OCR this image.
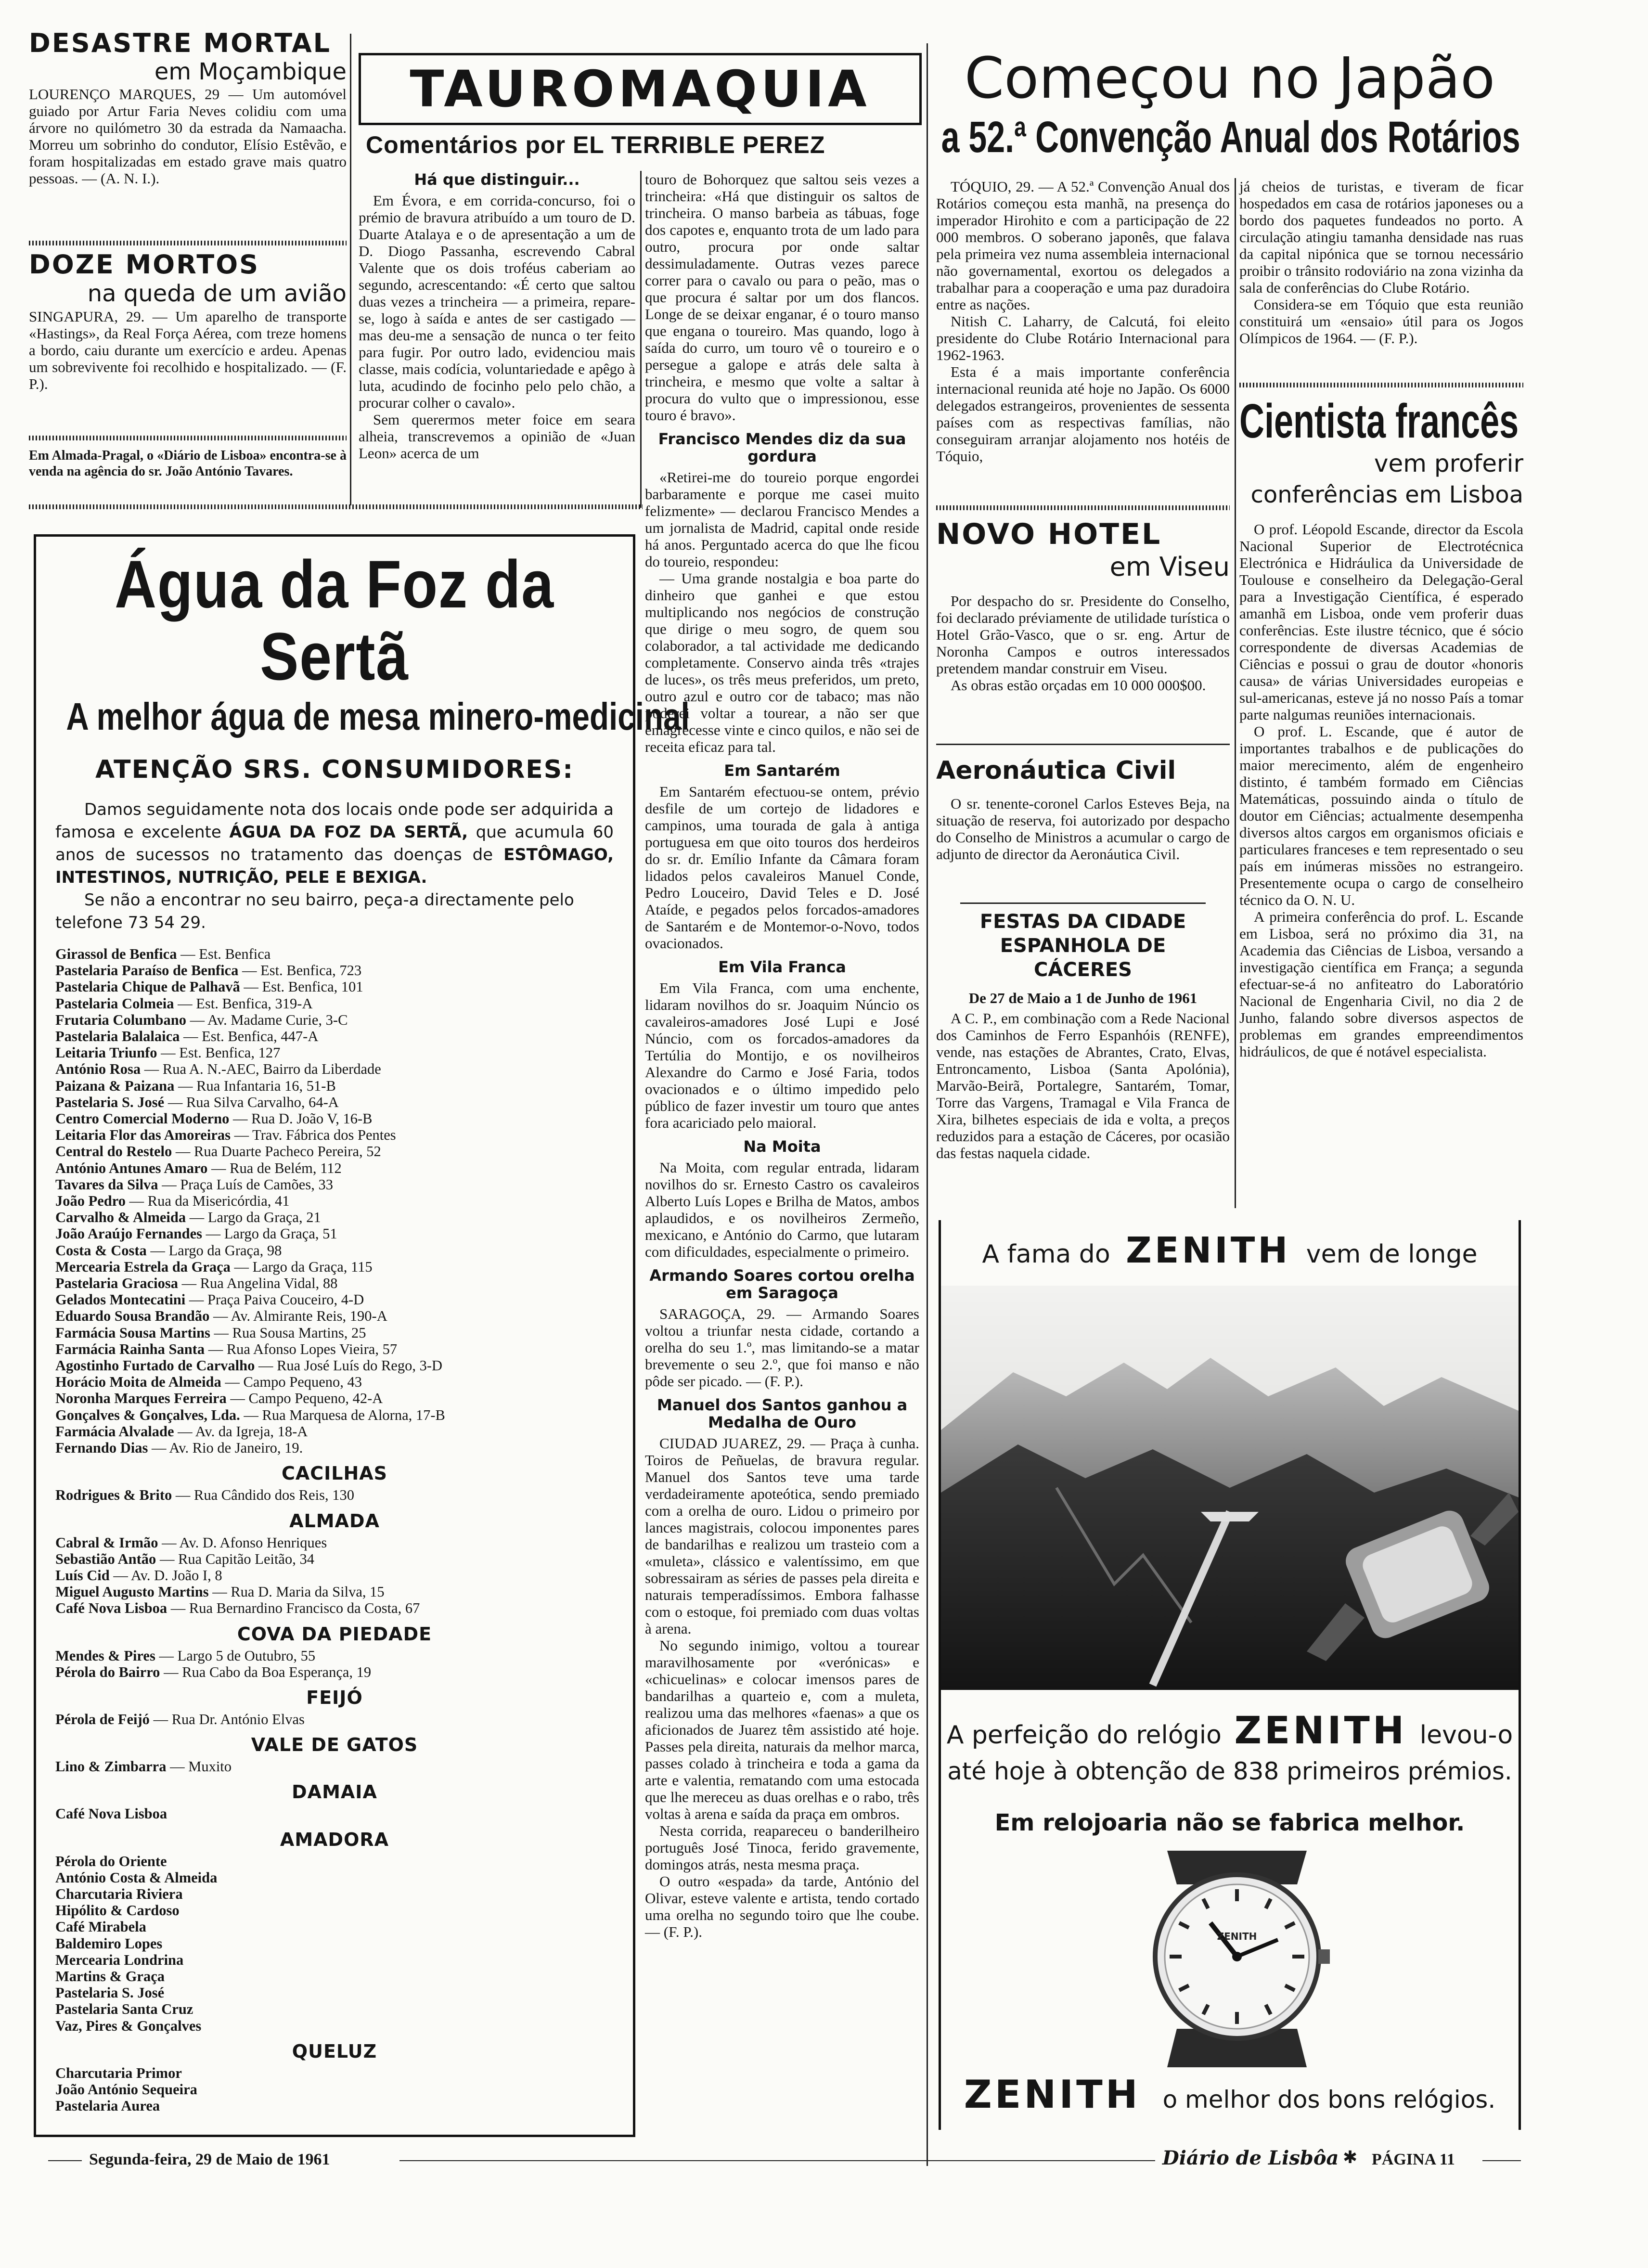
DESASTRE MORTAL
em Moçambique

LOURENÇO MARQUES, 29 — Um automóvel guiado por Artur Faria Neves colidiu com uma árvore no quilómetro 30 da estrada da Namaacha. Morreu um sobrinho do condutor, Elísio Estêvão, e foram hospitalizadas em estado grave mais quatro pessoas. — (A. N. I.).

DOZE MORTOS
na queda de um avião

SINGAPURA, 29. — Um aparelho de transporte «Hastings», da Real Força Aérea, com treze homens a bordo, caiu durante um exercício e ardeu. Apenas um sobrevivente foi recolhido e hospitalizado. — (F. P.).

Em Almada-Pragal, o «Diário de Lisboa» encontra-se à venda na agência do sr. João António Tavares.

TAUROMAQUIA
Comentários por EL TERRIBLE PEREZ
Há que distinguir...

Em Évora, e em corrida-concurso, foi o prémio de bravura atribuído a um touro de D. Duarte Atalaya e o de apresentação a um de D. Diogo Passanha, escrevendo Cabral Valente que os dois troféus caberiam ao segundo, acrescentando: «É certo que saltou duas vezes a trincheira — a primeira, repare-se, logo à saída e antes de ser castigado — mas deu-me a sensação de nunca o ter feito para fugir. Por outro lado, evidenciou mais classe, mais codícia, voluntariedade e apêgo à luta, acudindo de focinho pelo pelo chão, a procurar colher o cavalo».

Sem querermos meter foice em seara alheia, transcrevemos a opinião de «Juan Leon» acerca de um

touro de Bohorquez que saltou seis vezes a trincheira: «Há que distinguir os saltos de trincheira. O manso barbeia as tábuas, foge dos capotes e, enquanto trota de um lado para outro, procura por onde saltar dessimuladamente. Outras vezes parece correr para o cavalo ou para o peão, mas o que procura é saltar por um dos flancos. Longe de se deixar enganar, é o touro manso que engana o toureiro. Mas quando, logo à saída do curro, um touro vê o toureiro e o persegue a galope e atrás dele salta à trincheira, e mesmo que volte a saltar à procura do vulto que o impressionou, esse touro é bravo».

Francisco Mendes diz da sua gordura

«Retirei-me do toureio porque engordei barbaramente e porque me casei muito felizmente» — declarou Francisco Mendes a um jornalista de Madrid, capital onde reside há anos. Perguntado acerca do que lhe ficou do toureio, respondeu:

— Uma grande nostalgia e boa parte do dinheiro que ganhei e que estou multiplicando nos negócios de construção que dirige o meu sogro, de quem sou colaborador, a tal actividade me dedicando completamente. Conservo ainda três «trajes de luces», os três meus preferidos, um preto, outro azul e outro cor de tabaco; mas não poderei voltar a tourear, a não ser que emagrecesse vinte e cinco quilos, e não sei de receita eficaz para tal.

Em Santarém

Em Santarém efectuou-se ontem, prévio desfile de um cortejo de lidadores e campinos, uma tourada de gala à antiga portuguesa em que oito touros dos herdeiros do sr. dr. Emílio Infante da Câmara foram lidados pelos cavaleiros Manuel Conde, Pedro Louceiro, David Teles e D. José Ataíde, e pegados pelos forcados-amadores de Santarém e de Montemor-o-Novo, todos ovacionados.

Em Vila Franca

Em Vila Franca, com uma enchente, lidaram novilhos do sr. Joaquim Núncio os cavaleiros-amadores José Lupi e José Núncio, com os forcados-amadores da Tertúlia do Montijo, e os novilheiros Alexandre do Carmo e José Faria, todos ovacionados e o último impedido pelo público de fazer investir um touro que antes fora acariciado pelo maioral.

Na Moita

Na Moita, com regular entrada, lidaram novilhos do sr. Ernesto Castro os cavaleiros Alberto Luís Lopes e Brilha de Matos, ambos aplaudidos, e os novilheiros Zermeño, mexicano, e António do Carmo, que lutaram com dificuldades, especialmente o primeiro.

Armando Soares cortou orelha em Saragoça

SARAGOÇA, 29. — Armando Soares voltou a triunfar nesta cidade, cortando a orelha do seu 1.º, mas limitando-se a matar brevemente o seu 2.º, que foi manso e não pôde ser picado. — (F. P.).

Manuel dos Santos ganhou a Medalha de Ouro

CIUDAD JUAREZ, 29. — Praça à cunha. Toiros de Peñuelas, de bravura regular. Manuel dos Santos teve uma tarde verdadeiramente apoteótica, sendo premiado com a orelha de ouro. Lidou o primeiro por lances magistrais, colocou imponentes pares de bandarilhas e realizou um trasteio com a «muleta», clássico e valentíssimo, em que sobressairam as séries de passes pela direita e naturais temperadíssimos. Embora falhasse com o estoque, foi premiado com duas voltas à arena.

No segundo inimigo, voltou a tourear maravilhosamente por «verónicas» e «chicuelinas» e colocar imensos pares de bandarilhas a quarteio e, com a muleta, realizou uma das melhores «faenas» a que os aficionados de Juarez têm assistido até hoje. Passes pela direita, naturais da melhor marca, passes colado à trincheira e toda a gama da arte e valentia, rematando com uma estocada que lhe mereceu as duas orelhas e o rabo, três voltas à arena e saída da praça em ombros.

Nesta corrida, reapareceu o banderilheiro português José Tinoca, ferido gravemente, domingos atrás, nesta mesma praça.

O outro «espada» da tarde, António del Olivar, esteve valente e artista, tendo cortado uma orelha no segundo toiro que lhe coube. — (F. P.).

Água da Foz da Sertã
A melhor água de mesa minero-medicinal
ATENÇÃO SRS. CONSUMIDORES:

Damos seguidamente nota dos locais onde pode ser adquirida a famosa e excelente ÁGUA DA FOZ DA SERTÃ, que acumula 60 anos de sucessos no tratamento das doenças de ESTÔMAGO, INTESTINOS, NUTRIÇÃO, PELE E BEXIGA.

Se não a encontrar no seu bairro, peça-a directamente pelo telefone 73 54 29.

Girassol de Benfica — Est. Benfica
Pastelaria Paraíso de Benfica — Est. Benfica, 723
Pastelaria Chique de Palhavã — Est. Benfica, 101
Pastelaria Colmeia — Est. Benfica, 319-A
Frutaria Columbano — Av. Madame Curie, 3-C
Pastelaria Balalaica — Est. Benfica, 447-A
Leitaria Triunfo — Est. Benfica, 127
António Rosa — Rua A. N.-AEC, Bairro da Liberdade
Paizana & Paizana — Rua Infantaria 16, 51-B
Pastelaria S. José — Rua Silva Carvalho, 64-A
Centro Comercial Moderno — Rua D. João V, 16-B
Leitaria Flor das Amoreiras — Trav. Fábrica dos Pentes
Central do Restelo — Rua Duarte Pacheco Pereira, 52
António Antunes Amaro — Rua de Belém, 112
Tavares da Silva — Praça Luís de Camões, 33
João Pedro — Rua da Misericórdia, 41
Carvalho & Almeida — Largo da Graça, 21
João Araújo Fernandes — Largo da Graça, 51
Costa & Costa — Largo da Graça, 98
Mercearia Estrela da Graça — Largo da Graça, 115
Pastelaria Graciosa — Rua Angelina Vidal, 88
Gelados Montecatini — Praça Paiva Couceiro, 4-D
Eduardo Sousa Brandão — Av. Almirante Reis, 190-A
Farmácia Sousa Martins — Rua Sousa Martins, 25
Farmácia Rainha Santa — Rua Afonso Lopes Vieira, 57
Agostinho Furtado de Carvalho — Rua José Luís do Rego, 3-D
Horácio Moita de Almeida — Campo Pequeno, 43
Noronha Marques Ferreira — Campo Pequeno, 42-A
Gonçalves & Gonçalves, Lda. — Rua Marquesa de Alorna, 17-B
Farmácia Alvalade — Av. da Igreja, 18-A
Fernando Dias — Av. Rio de Janeiro, 19.
CACILHAS
Rodrigues & Brito — Rua Cândido dos Reis, 130
ALMADA
Cabral & Irmão — Av. D. Afonso Henriques
Sebastião Antão — Rua Capitão Leitão, 34
Luís Cid — Av. D. João I, 8
Miguel Augusto Martins — Rua D. Maria da Silva, 15
Café Nova Lisboa — Rua Bernardino Francisco da Costa, 67
COVA DA PIEDADE
Mendes & Pires — Largo 5 de Outubro, 55
Pérola do Bairro — Rua Cabo da Boa Esperança, 19
FEIJÓ
Pérola de Feijó — Rua Dr. António Elvas
VALE DE GATOS
Lino & Zimbarra — Muxito
DAMAIA
Café Nova Lisboa
AMADORA
Pérola do Oriente
António Costa & Almeida
Charcutaria Riviera
Hipólito & Cardoso
Café Mirabela
Baldemiro Lopes
Mercearia Londrina
Martins & Graça
Pastelaria S. José
Pastelaria Santa Cruz
Vaz, Pires & Gonçalves
QUELUZ
Charcutaria Primor
João António Sequeira
Pastelaria Aurea
Começou no Japão
a 52.ª Convenção Anual dos Rotários

TÓQUIO, 29. — A 52.ª Convenção Anual dos Rotários começou esta manhã, na presença do imperador Hirohito e com a participação de 22 000 membros. O soberano japonês, que falava pela primeira vez numa assembleia internacional não governamental, exortou os delegados a trabalhar para a cooperação e uma paz duradoira entre as nações.

Nitish C. Laharry, de Calcutá, foi eleito presidente do Clube Rotário Internacional para 1962-1963.

Esta é a mais importante conferência internacional reunida até hoje no Japão. Os 6000 delegados estrangeiros, provenientes de sessenta países com as respectivas famílias, não conseguiram arranjar alojamento nos hotéis de Tóquio,

já cheios de turistas, e tiveram de ficar hospedados em casa de rotários japoneses ou a bordo dos paquetes fundeados no porto. A circulação atingiu tamanha densidade nas ruas da capital nipónica que se tornou necessário proibir o trânsito rodoviário na zona vizinha da sala de conferências do Clube Rotário.

Considera-se em Tóquio que esta reunião constituirá um «ensaio» útil para os Jogos Olímpicos de 1964. — (F. P.).

NOVO HOTEL
em Viseu

Por despacho do sr. Presidente do Conselho, foi declarado préviamente de utilidade turística o Hotel Grão-Vasco, que o sr. eng. Artur de Noronha Campos e outros interessados pretendem mandar construir em Viseu.

As obras estão orçadas em 10 000 000$00.

Aeronáutica Civil

O sr. tenente-coronel Carlos Esteves Beja, na situação de reserva, foi autorizado por despacho do Conselho de Ministros a acumular o cargo de adjunto de director da Aeronáutica Civil.

FESTAS DA CIDADE ESPANHOLA DE CÁCERES
De 27 de Maio a 1 de Junho de 1961

A C. P., em combinação com a Rede Nacional dos Caminhos de Ferro Espanhóis (RENFE), vende, nas estações de Abrantes, Crato, Elvas, Entroncamento, Lisboa (Santa Apolónia), Marvão-Beirã, Portalegre, Santarém, Tomar, Torre das Vargens, Tramagal e Vila Franca de Xira, bilhetes especiais de ida e volta, a preços reduzidos para a estação de Cáceres, por ocasião das festas naquela cidade.

Cientista francês
vem proferir
conferências em Lisboa

O prof. Léopold Escande, director da Escola Nacional Superior de Electrotécnica Electrónica e Hidráulica da Universidade de Toulouse e conselheiro da Delegação-Geral para a Investigação Científica, é esperado amanhã em Lisboa, onde vem proferir duas conferências. Este ilustre técnico, que é sócio correspondente de diversas Academias de Ciências e possui o grau de doutor «honoris causa» de várias Universidades europeias e sul-americanas, esteve já no nosso País a tomar parte nalgumas reuniões internacionais.

O prof. L. Escande, que é autor de importantes trabalhos e de publicações do maior merecimento, além de engenheiro distinto, é também formado em Ciências Matemáticas, possuindo ainda o título de doutor em Ciências; actualmente desempenha diversos altos cargos em organismos oficiais e particulares franceses e tem representado o seu país em inúmeras missões no estrangeiro. Presentemente ocupa o cargo de conselheiro técnico da O. N. U.

A primeira conferência do prof. L. Escande em Lisboa, será no próximo dia 31, na Academia das Ciências de Lisboa, versando a investigação científica em França; a segunda efectuar-se-á no anfiteatro do Laboratório Nacional de Engenharia Civil, no dia 2 de Junho, falando sobre diversos aspectos de problemas em grandes empreendimentos hidráulicos, de que é notável especialista.

A fama do ZENITH vem de longe
A perfeição do relógio ZENITH levou-o
até hoje à obtenção de 838 primeiros prémios.
Em relojoaria não se fabrica melhor.
ZENITH
ZENITH o melhor dos bons relógios.
Segunda-feira, 29 de Maio de 1961	Diário de Lisbôa ✱ PÁGINA 11
